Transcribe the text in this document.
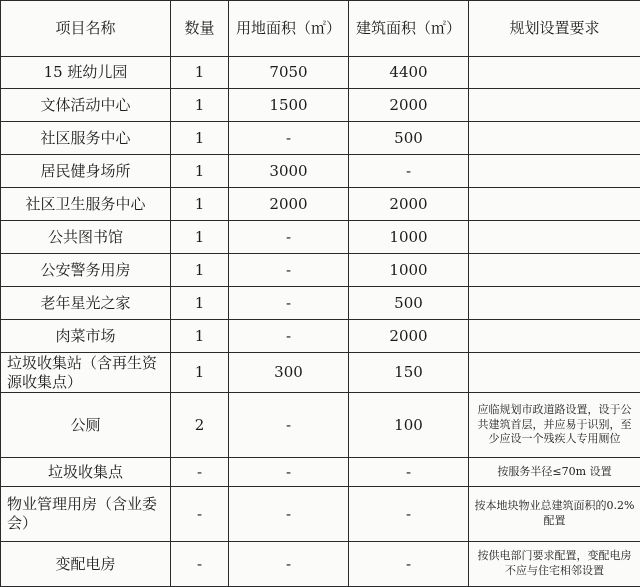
项目名称	数量	用地面积（㎡）	建筑面积（㎡）	规划设置要求
15 班幼儿园	1	7050	4400	
文体活动中心	1	1500	2000	
社区服务中心	1	-	500	
居民健身场所	1	3000	-	
社区卫生服务中心	1	2000	2000	
公共图书馆	1	-	1000	
公安警务用房	1	-	1000	
老年星光之家	1	-	500	
肉菜市场	1	-	2000	
垃圾收集站（含再生资源收集点）	1	300	150	
公厕	2	-	100	应临规划市政道路设置，设于公共建筑首层，并应易于识别，至少应设一个残疾人专用厕位
垃圾收集点	-	-	-	按服务半径≤70m 设置
物业管理用房（含业委会）	-	-	-	按本地块物业总建筑面积的0.2%配置
变配电房	-	-	-	按供电部门要求配置，变配电房不应与住宅相邻设置
